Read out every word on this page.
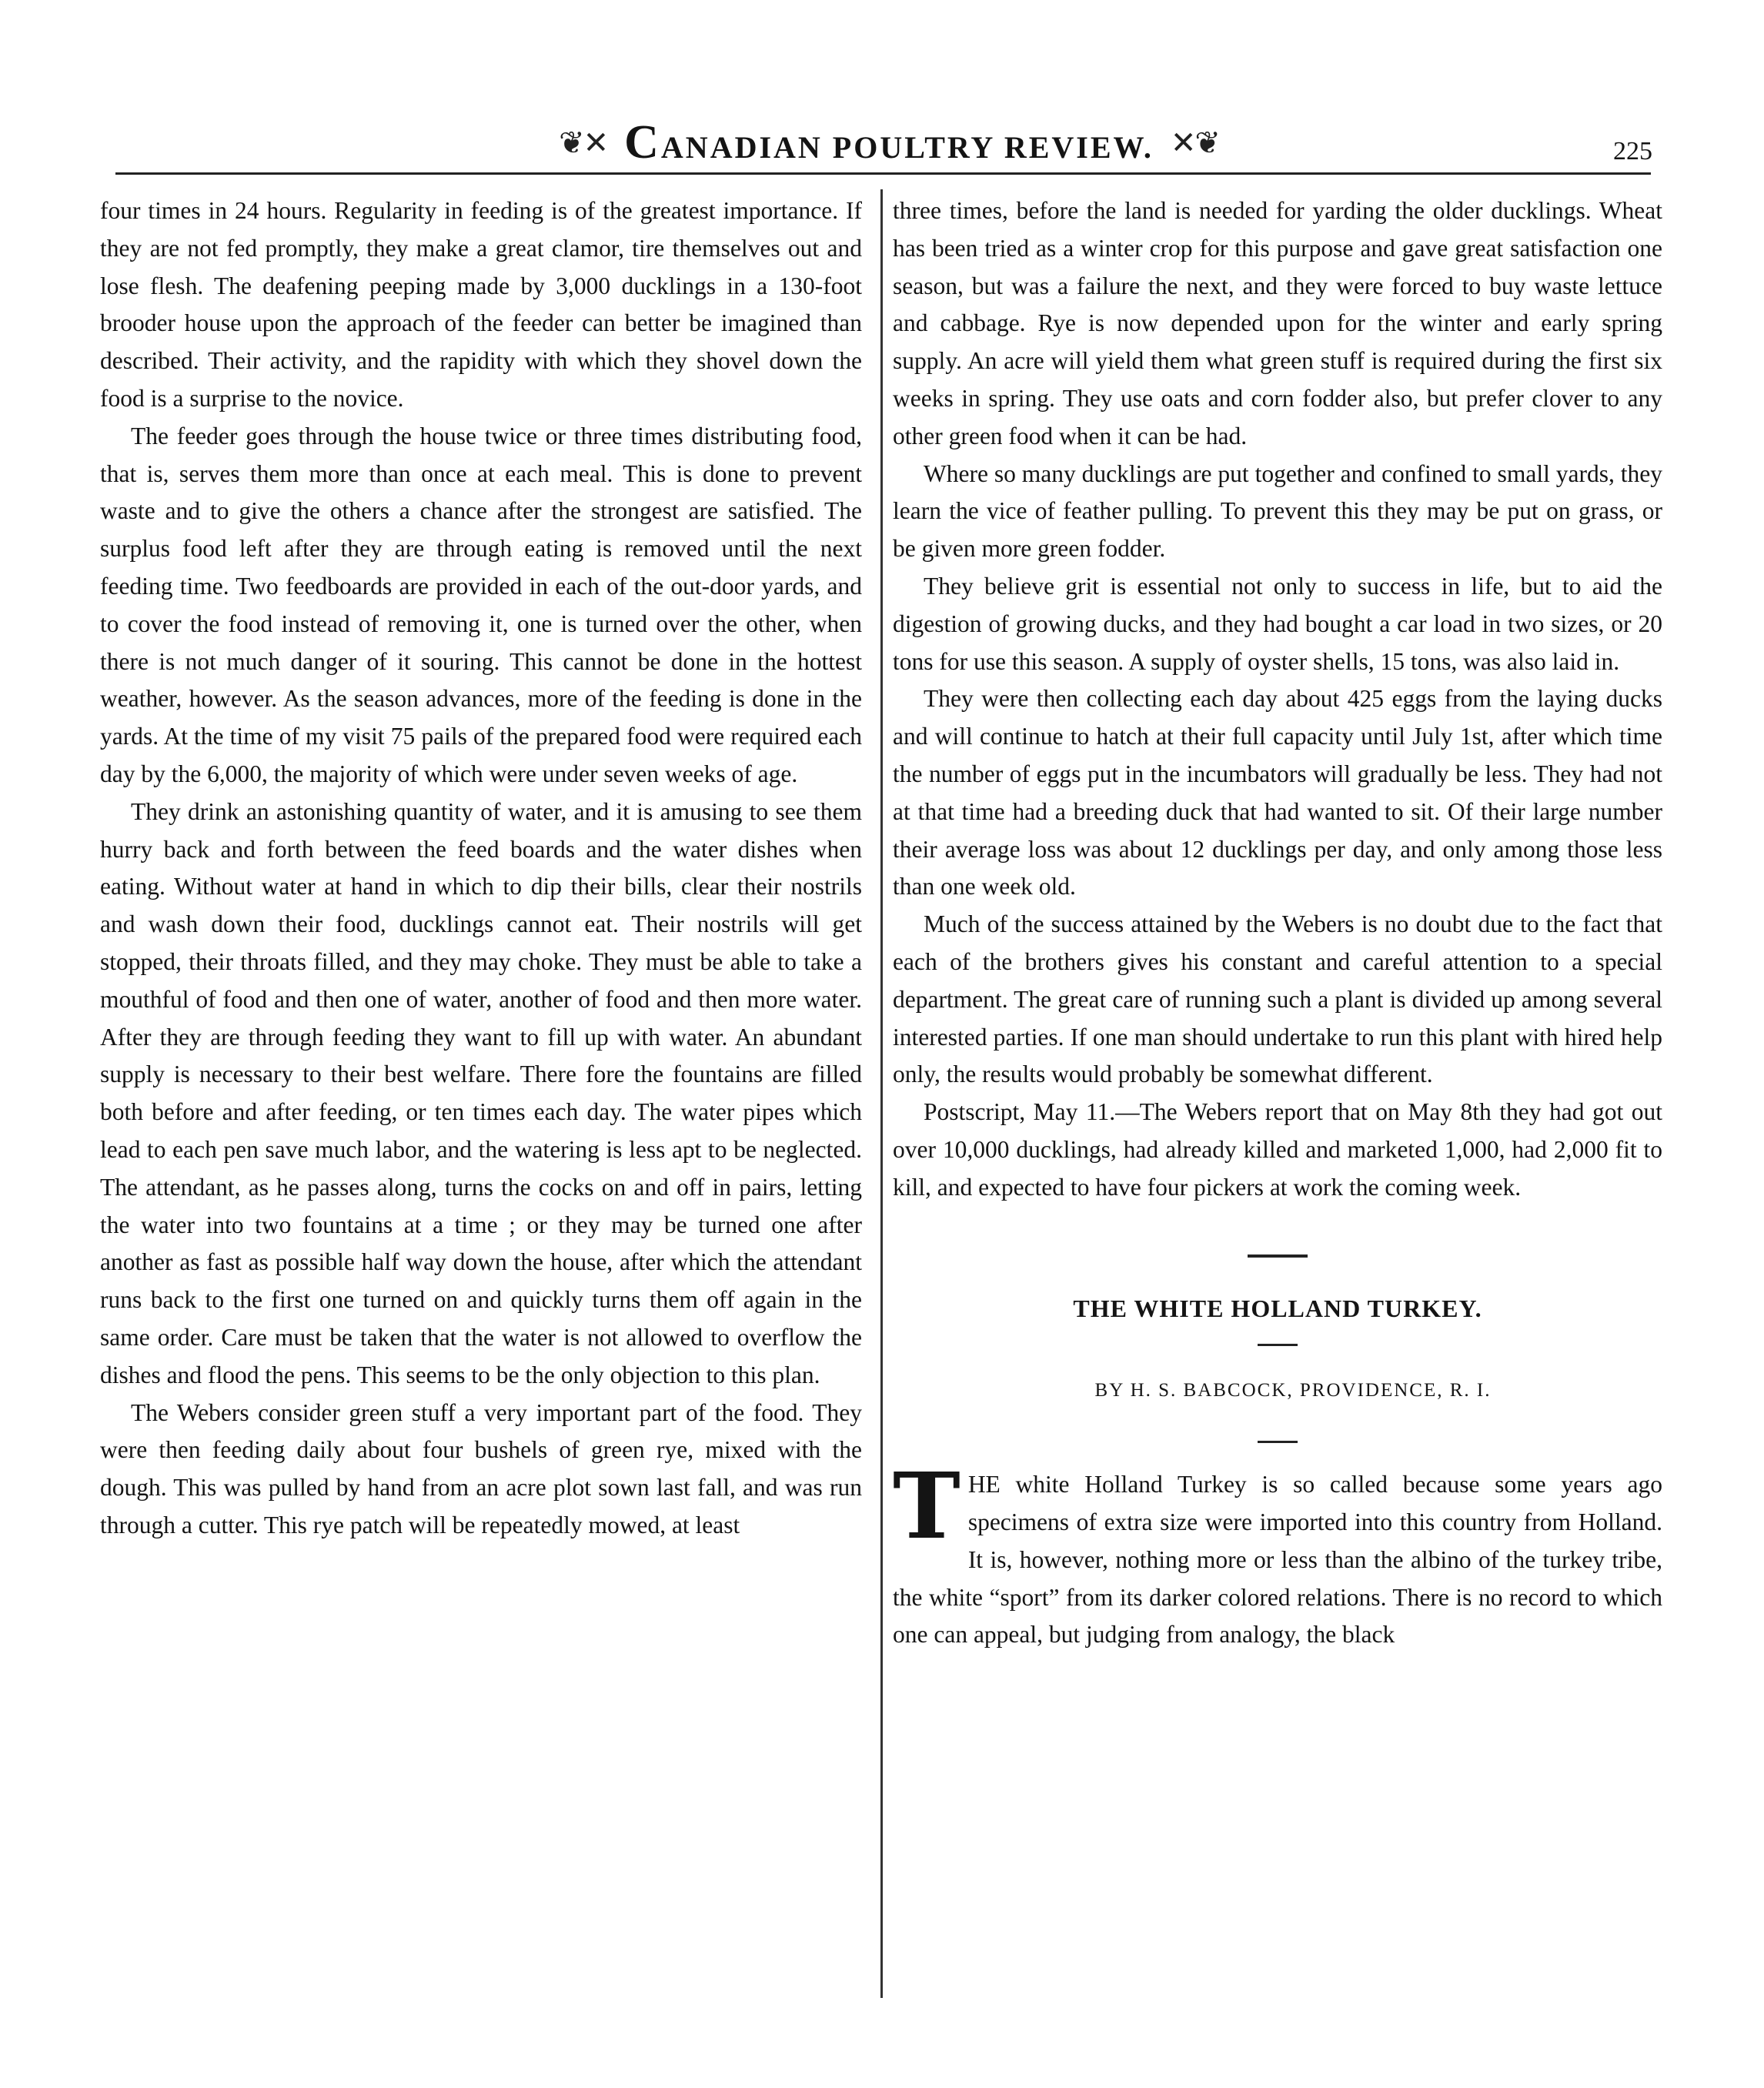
❦✕ CANADIAN POULTRY REVIEW. ✕❦	225

four times in 24 hours. Regularity in feeding is of the greatest importance. If they are not fed promptly, they make a great clamor, tire themselves out and lose flesh. The deafening peeping made by 3,000 ducklings in a 130-foot brooder house upon the approach of the feeder can better be imagined than described. Their activity, and the rapidity with which they shovel down the food is a surprise to the novice.

The feeder goes through the house twice or three times distributing food, that is, serves them more than once at each meal. This is done to prevent waste and to give the others a chance after the strongest are satisfied. The surplus food left after they are through eating is removed until the next feeding time. Two feedboards are provided in each of the out-door yards, and to cover the food instead of removing it, one is turned over the other, when there is not much danger of it souring. This cannot be done in the hottest weather, however. As the season advances, more of the feeding is done in the yards. At the time of my visit 75 pails of the prepared food were required each day by the 6,000, the majority of which were under seven weeks of age.

They drink an astonishing quantity of water, and it is amusing to see them hurry back and forth between the feed boards and the water dishes when eating. Without water at hand in which to dip their bills, clear their nostrils and wash down their food, ducklings cannot eat. Their nostrils will get stopped, their throats filled, and they may choke. They must be able to take a mouthful of food and then one of water, another of food and then more water. After they are through feeding they want to fill up with water. An abundant supply is necessary to their best welfare. There fore the fountains are filled both before and after feeding, or ten times each day. The water pipes which lead to each pen save much labor, and the watering is less apt to be neglected. The attendant, as he passes along, turns the cocks on and off in pairs, letting the water into two fountains at a time ; or they may be turned one after another as fast as possible half way down the house, after which the attendant runs back to the first one turned on and quickly turns them off again in the same order. Care must be taken that the water is not allowed to overflow the dishes and flood the pens. This seems to be the only objection to this plan.

The Webers consider green stuff a very important part of the food. They were then feeding daily about four bushels of green rye, mixed with the dough. This was pulled by hand from an acre plot sown last fall, and was run through a cutter. This rye patch will be repeatedly mowed, at least

three times, before the land is needed for yarding the older ducklings. Wheat has been tried as a winter crop for this purpose and gave great satisfaction one season, but was a failure the next, and they were forced to buy waste lettuce and cabbage. Rye is now depended upon for the winter and early spring supply. An acre will yield them what green stuff is required during the first six weeks in spring. They use oats and corn fodder also, but prefer clover to any other green food when it can be had.

Where so many ducklings are put together and confined to small yards, they learn the vice of feather pulling. To prevent this they may be put on grass, or be given more green fodder.

They believe grit is essential not only to success in life, but to aid the digestion of growing ducks, and they had bought a car load in two sizes, or 20 tons for use this season. A supply of oyster shells, 15 tons, was also laid in.

They were then collecting each day about 425 eggs from the laying ducks and will continue to hatch at their full capacity until July 1st, after which time the number of eggs put in the incumbators will gradually be less. They had not at that time had a breeding duck that had wanted to sit. Of their large number their average loss was about 12 ducklings per day, and only among those less than one week old.

Much of the success attained by the Webers is no doubt due to the fact that each of the brothers gives his constant and careful attention to a special department. The great care of running such a plant is divided up among several interested parties. If one man should undertake to run this plant with hired help only, the results would probably be somewhat different.

Postscript, May 11.—The Webers report that on May 8th they had got out over 10,000 ducklings, had already killed and marketed 1,000, had 2,000 fit to kill, and expected to have four pickers at work the coming week.

THE WHITE HOLLAND TURKEY.

BY H. S. BABCOCK, PROVIDENCE, R. I.

THE white Holland Turkey is so called because some years ago specimens of extra size were imported into this country from Holland. It is, however, nothing more or less than the albino of the turkey tribe, the white “sport” from its darker colored relations. There is no record to which one can appeal, but judging from analogy, the black
